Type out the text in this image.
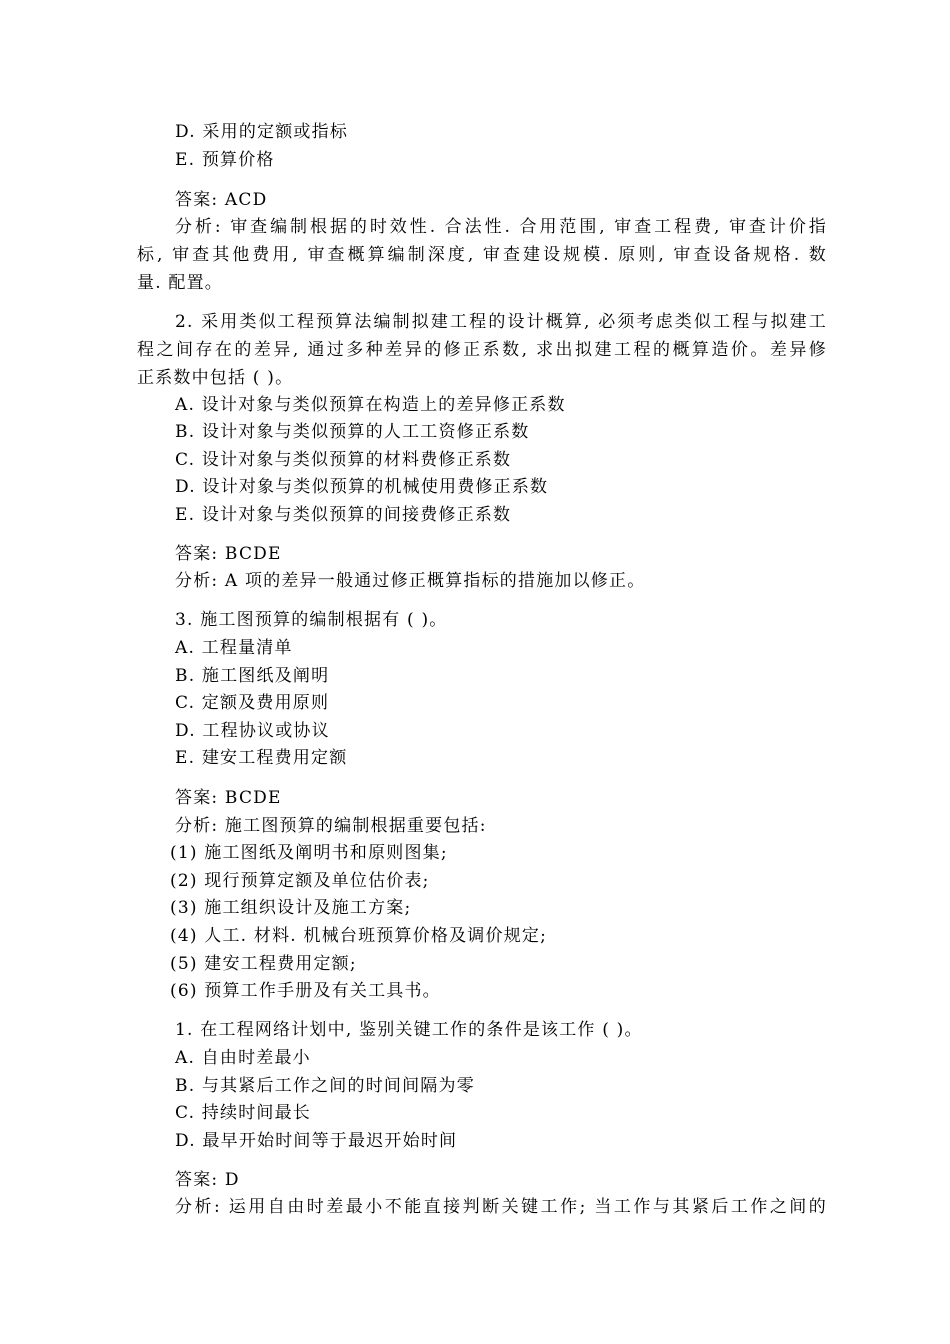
D. 采用的定额或指标
E. 预算价格
答案: ACD
分析: 审查编制根据的时效性. 合法性. 合用范围, 审查工程费, 审查计价指
标, 审查其他费用, 审查概算编制深度, 审查建设规模. 原则, 审查设备规格. 数
量. 配置。
2. 采用类似工程预算法编制拟建工程的设计概算, 必须考虑类似工程与拟建工
程之间存在的差异, 通过多种差异的修正系数, 求出拟建工程的概算造价。差异修
正系数中包括 ( )。
A. 设计对象与类似预算在构造上的差异修正系数
B. 设计对象与类似预算的人工工资修正系数
C. 设计对象与类似预算的材料费修正系数
D. 设计对象与类似预算的机械使用费修正系数
E. 设计对象与类似预算的间接费修正系数
答案: BCDE
分析: A 项的差异一般通过修正概算指标的措施加以修正。
3. 施工图预算的编制根据有 ( )。
A. 工程量清单
B. 施工图纸及阐明
C. 定额及费用原则
D. 工程协议或协议
E. 建安工程费用定额
答案: BCDE
分析: 施工图预算的编制根据重要包括:
(1) 施工图纸及阐明书和原则图集;
(2) 现行预算定额及单位估价表;
(3) 施工组织设计及施工方案;
(4) 人工. 材料. 机械台班预算价格及调价规定;
(5) 建安工程费用定额;
(6) 预算工作手册及有关工具书。
1. 在工程网络计划中, 鉴别关键工作的条件是该工作 ( )。
A. 自由时差最小
B. 与其紧后工作之间的时间间隔为零
C. 持续时间最长
D. 最早开始时间等于最迟开始时间
答案: D
分析: 运用自由时差最小不能直接判断关键工作; 当工作与其紧后工作之间的
